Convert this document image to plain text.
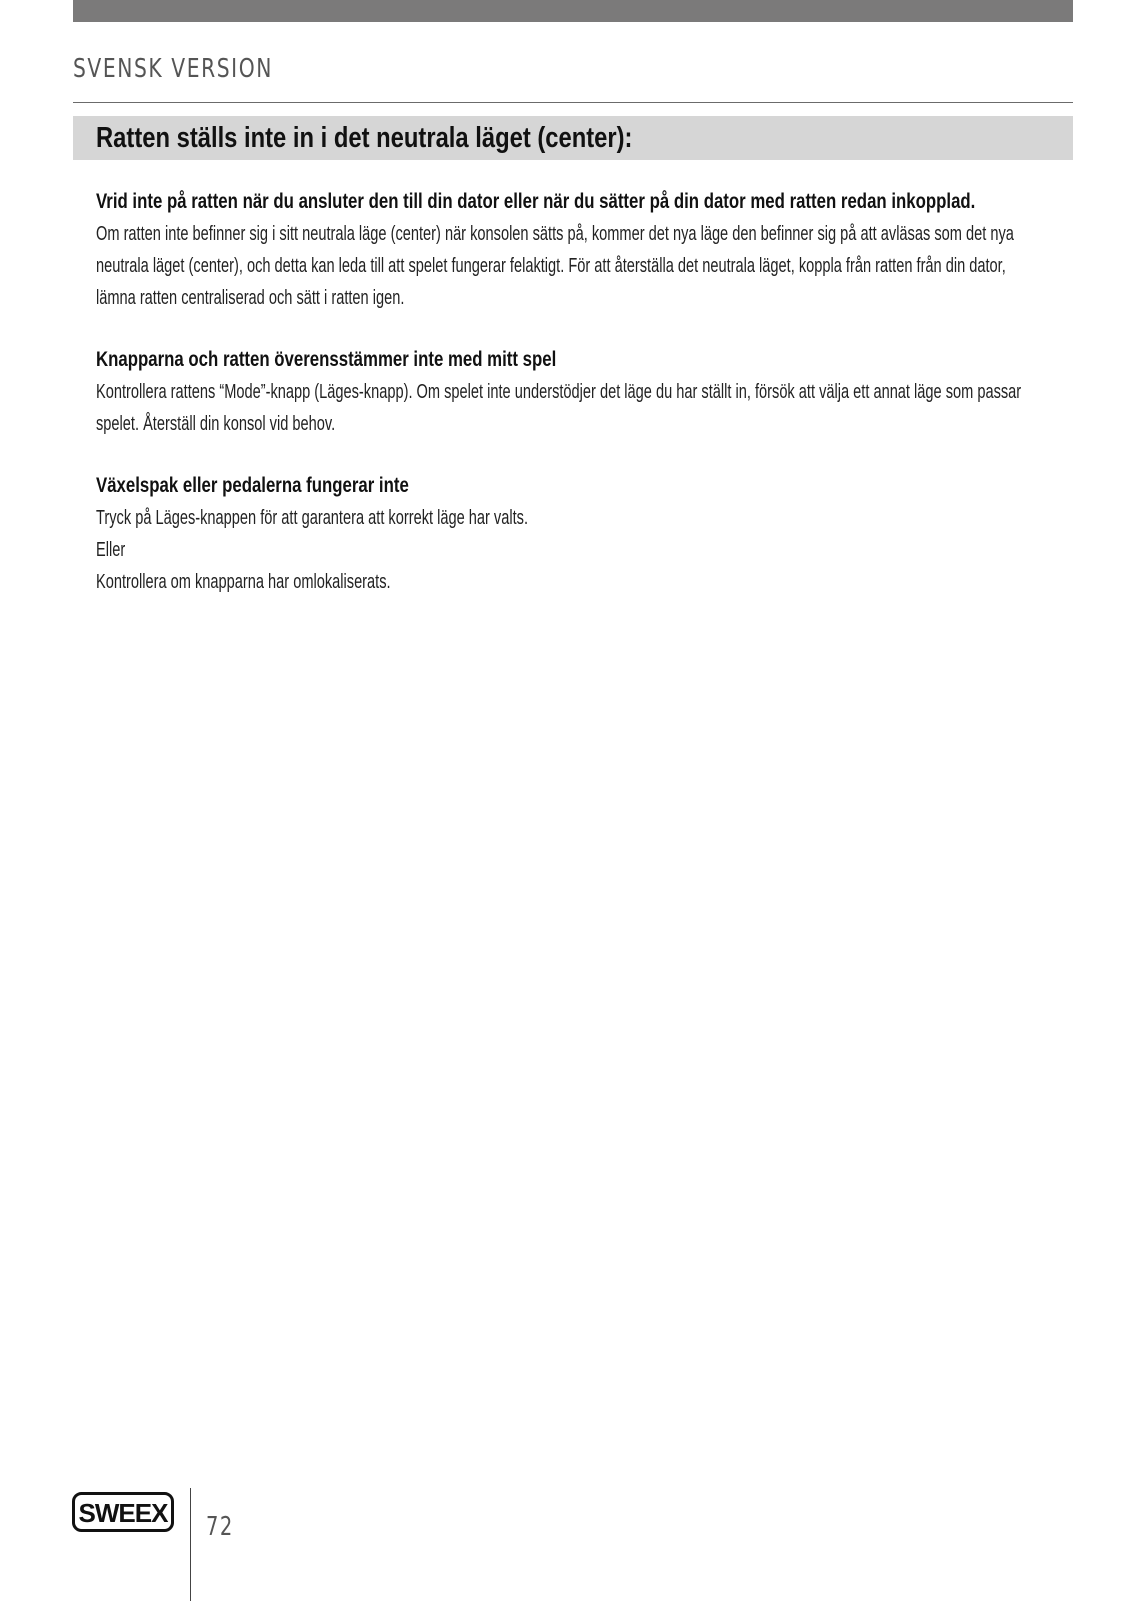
SVENSK VERSION
Ratten ställs inte in i det neutrala läget (center):
Vrid inte på ratten när du ansluter den till din dator eller när du sätter på din dator med ratten redan inkopplad.
Om ratten inte befinner sig i sitt neutrala läge (center) när konsolen sätts på, kommer det nya läge den befinner sig på att avläsas som det nya
neutrala läget (center), och detta kan leda till att spelet fungerar felaktigt. För att återställa det neutrala läget, koppla från ratten från din dator,
lämna ratten centraliserad och sätt i ratten igen.
Knapparna och ratten överensstämmer inte med mitt spel
Kontrollera rattens “Mode”-knapp (Läges-knapp). Om spelet inte understödjer det läge du har ställt in, försök att välja ett annat läge som passar
spelet. Återställ din konsol vid behov.
Växelspak eller pedalerna fungerar inte
Tryck på Läges-knappen för att garantera att korrekt läge har valts.
Eller
Kontrollera om knapparna har omlokaliserats.
SWEEX 72
